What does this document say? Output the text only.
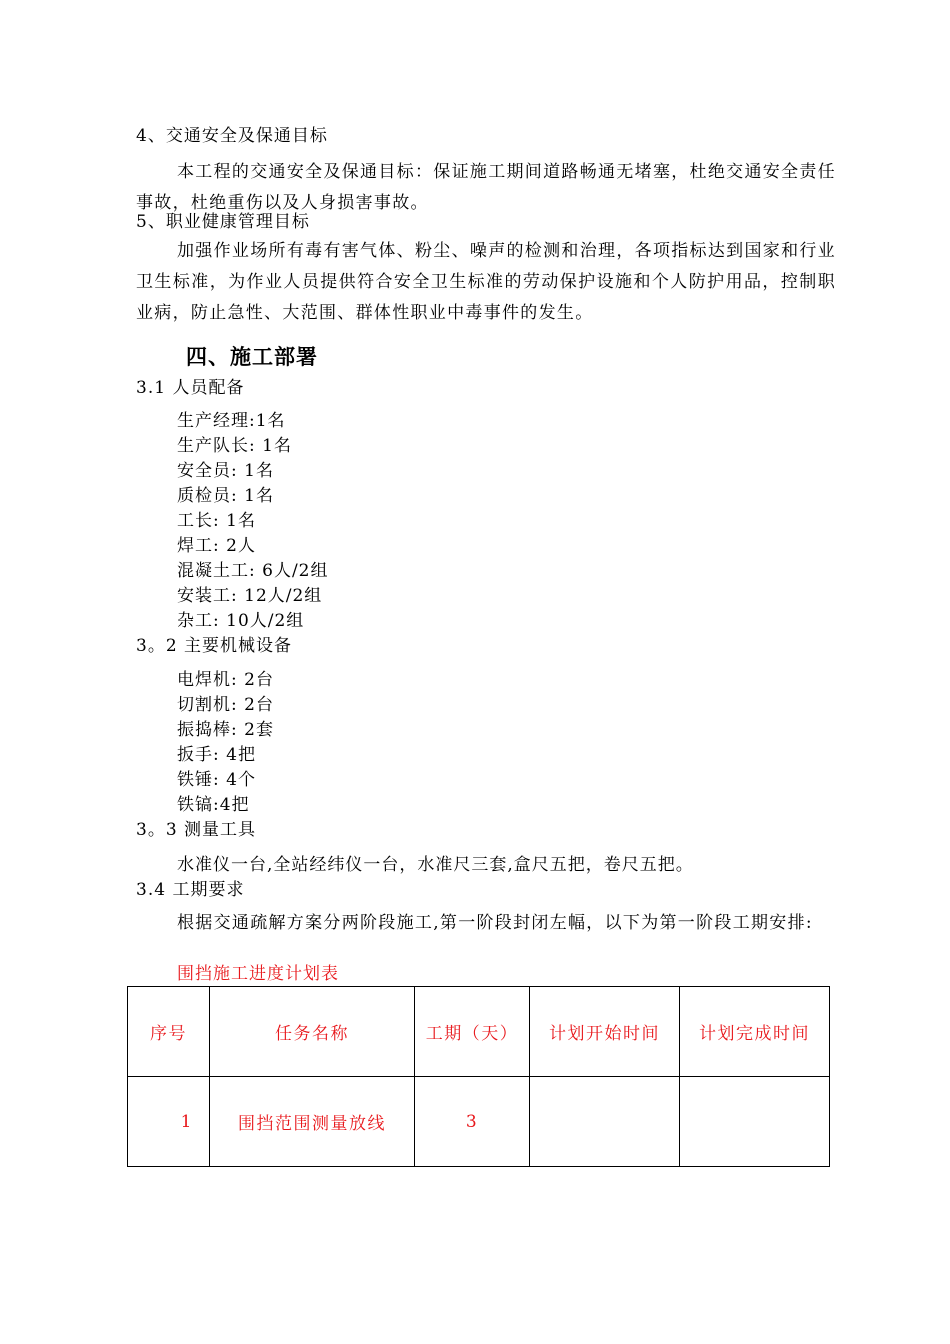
4、交通安全及保通目标
本工程的交通安全及保通目标：保证施工期间道路畅通无堵塞，杜绝交通安全责任事故，杜绝重伤以及人身损害事故。
5、职业健康管理目标
加强作业场所有毒有害气体、粉尘、噪声的检测和治理，各项指标达到国家和行业卫生标准，为作业人员提供符合安全卫生标准的劳动保护设施和个人防护用品，控制职业病，防止急性、大范围、群体性职业中毒事件的发生。
四、施工部署
3.1 人员配备
生产经理:1名
生产队长: 1名
安全员: 1名
质检员: 1名
工长: 1名
焊工: 2人
混凝土工: 6人/2组
安装工: 12人/2组
杂工: 10人/2组
3。2 主要机械设备
电焊机: 2台
切割机: 2台
振捣棒: 2套
扳手: 4把
铁锤: 4个
铁镐:4把
3。3 测量工具
水准仪一台,全站经纬仪一台，水准尺三套,盒尺五把，卷尺五把。
3.4 工期要求
根据交通疏解方案分两阶段施工,第一阶段封闭左幅，以下为第一阶段工期安排:
围挡施工进度计划表
序号	任务名称	工期（天）	计划开始时间	计划完成时间
1	围挡范围测量放线	3		
